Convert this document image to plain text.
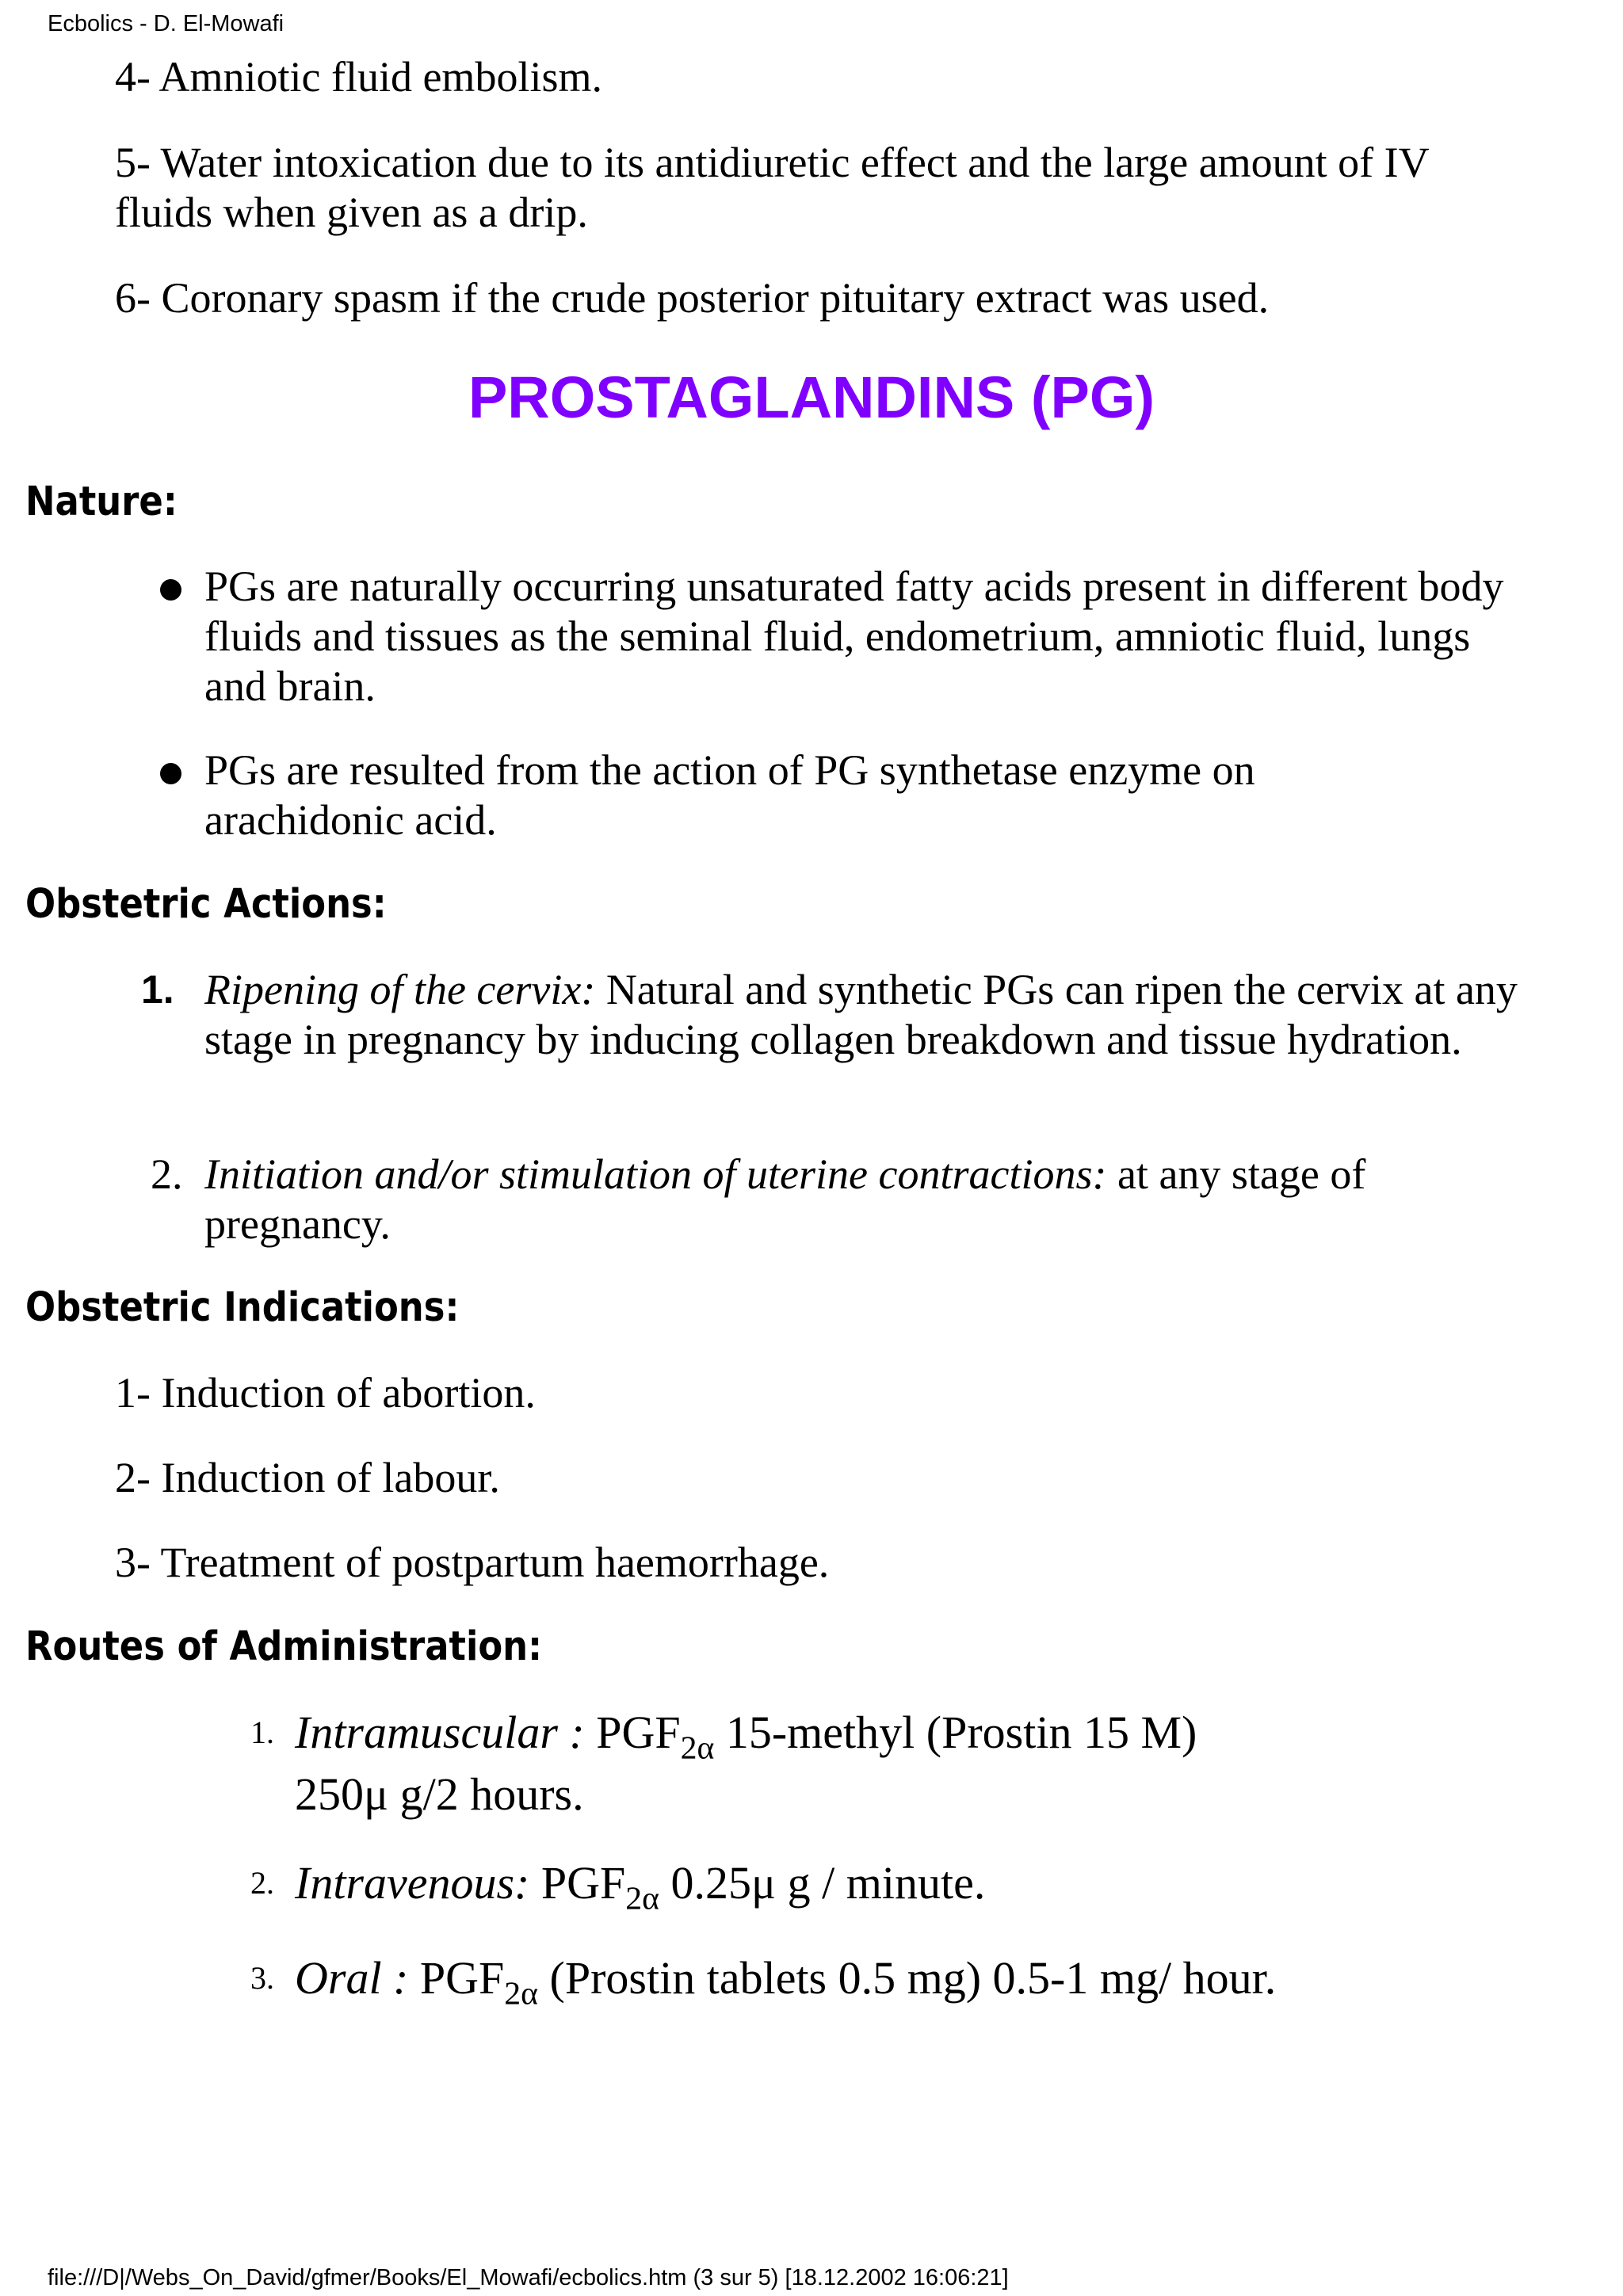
Ecbolics - D. El-Mowafi
4- Amniotic fluid embolism.
5- Water intoxication due to its antidiuretic effect and the large amount of IV fluids when given as a drip.
6- Coronary spasm if the crude posterior pituitary extract was used.
PROSTAGLANDINS (PG)
Nature:
PGs are naturally occurring unsaturated fatty acids present in different body fluids and tissues as the seminal fluid, endometrium, amniotic fluid, lungs and brain.
PGs are resulted from the action of PG synthetase enzyme on arachidonic acid.
Obstetric Actions:
1. Ripening of the cervix: Natural and synthetic PGs can ripen the cervix at any stage in pregnancy by inducing collagen breakdown and tissue hydration.
2. Initiation and/or stimulation of uterine contractions: at any stage of pregnancy.
Obstetric Indications:
1- Induction of abortion.
2- Induction of labour.
3- Treatment of postpartum haemorrhage.
Routes of Administration:
1. Intramuscular : $PGF_{2\alpha}$ 15-methyl (Prostin 15 M)
250μ g/2 hours.
2. Intravenous: $PGF_{2\alpha}$ 0.25μ g / minute.
3. Oral : $PGF_{2\alpha}$ (Prostin tablets 0.5 mg) 0.5-1 mg/ hour.
file:///D|/Webs_On_David/gfmer/Books/El_Mowafi/ecbolics.htm (3 sur 5) [18.12.2002 16:06:21]
